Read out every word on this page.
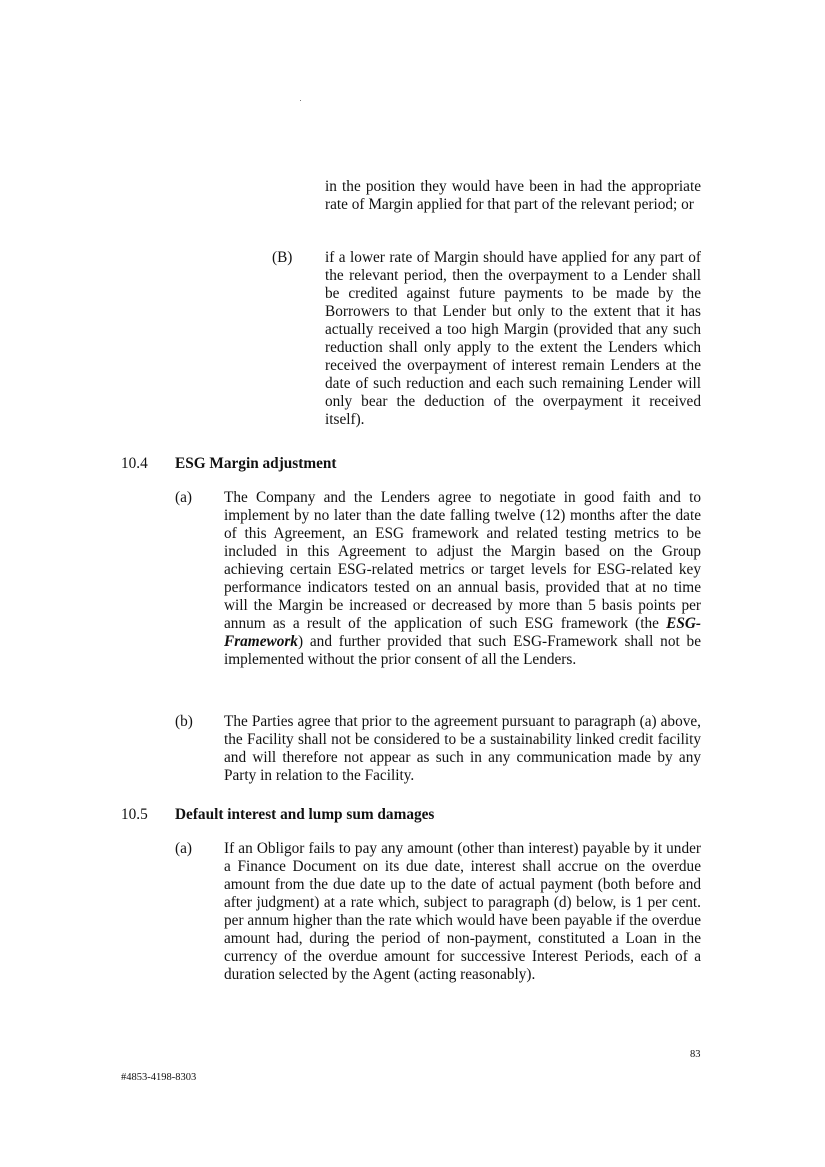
in the position they would have been in had the appropriate rate of Margin applied for that part of the relevant period; or

(B) if a lower rate of Margin should have applied for any part of the relevant period, then the overpayment to a Lender shall be credited against future payments to be made by the Borrowers to that Lender but only to the extent that it has actually received a too high Margin (provided that any such reduction shall only apply to the extent the Lenders which received the overpayment of interest remain Lenders at the date of such reduction and each such remaining Lender will only bear the deduction of the overpayment it received itself).

10.4 ESG Margin adjustment

(a) The Company and the Lenders agree to negotiate in good faith and to implement by no later than the date falling twelve (12) months after the date of this Agreement, an ESG framework and related testing metrics to be included in this Agreement to adjust the Margin based on the Group achieving certain ESG-related metrics or target levels for ESG-related key performance indicators tested on an annual basis, provided that at no time will the Margin be increased or decreased by more than 5 basis points per annum as a result of the application of such ESG framework (the ESG-Framework) and further provided that such ESG-Framework shall not be implemented without the prior consent of all the Lenders.

(b) The Parties agree that prior to the agreement pursuant to paragraph (a) above, the Facility shall not be considered to be a sustainability linked credit facility and will therefore not appear as such in any communication made by any Party in relation to the Facility.

10.5 Default interest and lump sum damages

(a) If an Obligor fails to pay any amount (other than interest) payable by it under a Finance Document on its due date, interest shall accrue on the overdue amount from the due date up to the date of actual payment (both before and after judgment) at a rate which, subject to paragraph (d) below, is 1 per cent. per annum higher than the rate which would have been payable if the overdue amount had, during the period of non-payment, constituted a Loan in the currency of the overdue amount for successive Interest Periods, each of a duration selected by the Agent (acting reasonably).

83
#4853-4198-8303
